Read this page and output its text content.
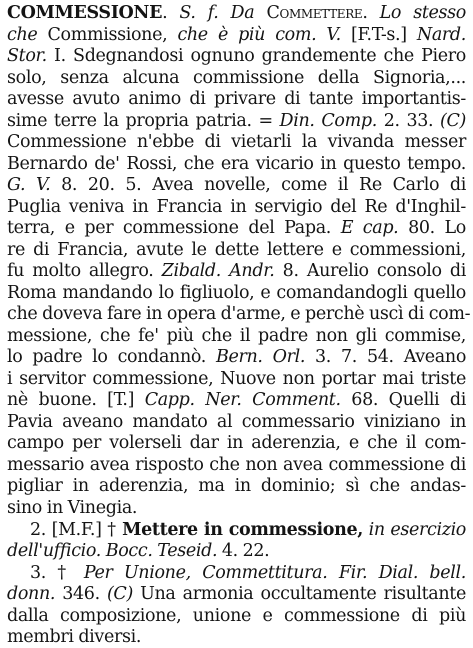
COMMESSIONE. S. f. Da Commettere. Lo stesso
che Commissione, che è più com. V. [F.T-s.] Nard.
Stor. I. Sdegnandosi ognuno grandemente che Piero
solo, senza alcuna commissione della Signoria,...
avesse avuto animo di privare di tante importantis-
sime terre la propria patria. = Din. Comp. 2. 33. (C)
Commessione n'ebbe di vietarli la vivanda messer
Bernardo de' Rossi, che era vicario in questo tempo.
G. V. 8. 20. 5. Avea novelle, come il Re Carlo di
Puglia veniva in Francia in servigio del Re d'Inghil-
terra, e per commessione del Papa. E cap. 80. Lo
re di Francia, avute le dette lettere e commessioni,
fu molto allegro. Zibald. Andr. 8. Aurelio consolo di
Roma mandando lo figliuolo, e comandandogli quello
che doveva fare in opera d'arme, e perchè uscì di com-
messione, che fe' più che il padre non gli commise,
lo padre lo condannò. Bern. Orl. 3. 7. 54. Aveano
i servitor commessione, Nuove non portar mai triste
nè buone. [T.] Capp. Ner. Comment. 68. Quelli di
Pavia aveano mandato al commessario viniziano in
campo per volerseli dar in aderenzia, e che il com-
messario avea risposto che non avea commessione di
pigliar in aderenzia, ma in dominio; sì che andas-
sino in Vinegia.
2. [M.F.] † Mettere in commessione, in esercizio
dell'ufficio. Bocc. Teseid. 4. 22.
3. † Per Unione, Commettitura. Fir. Dial. bell.
donn. 346. (C) Una armonia occultamente risultante
dalla composizione, unione e commessione di più
membri diversi.
